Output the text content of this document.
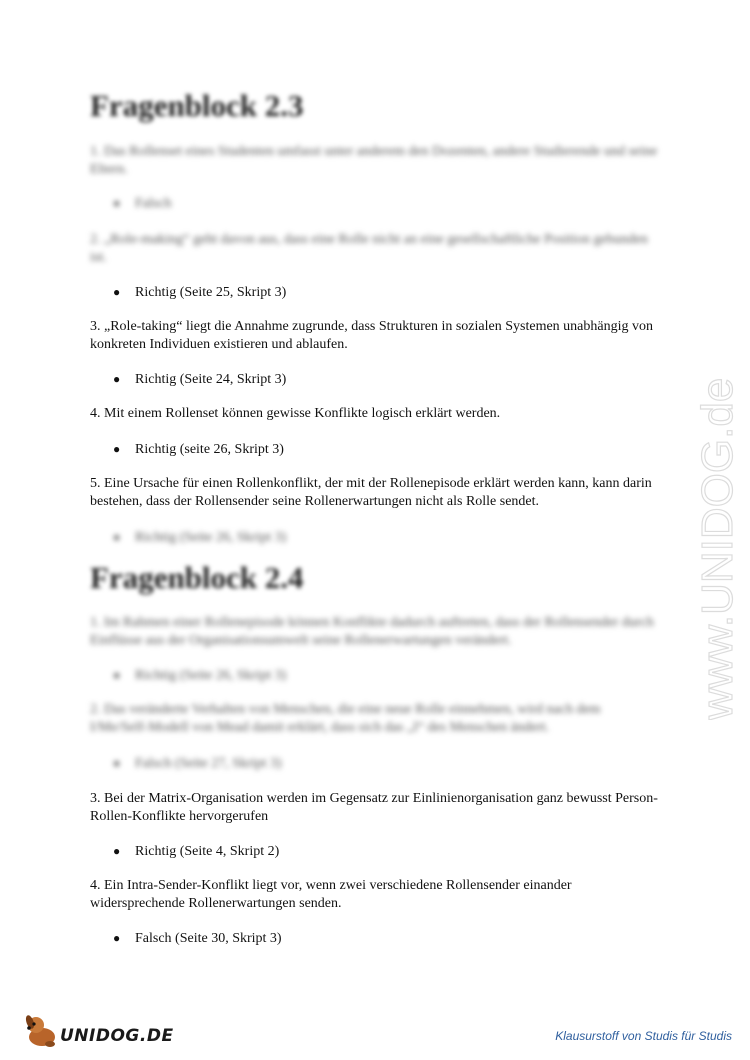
Fragenblock 2.3

1. Das Rollenset eines Studenten umfasst unter anderem den Dozenten, andere Studierende und seine Eltern.

● Falsch

2. „Role-making“ geht davon aus, dass eine Rolle nicht an eine gesellschaftliche Position gebunden ist.

● Richtig (Seite 25, Skript 3)

3. „Role-taking“ liegt die Annahme zugrunde, dass Strukturen in sozialen Systemen unabhängig von konkreten Individuen existieren und ablaufen.

● Richtig (Seite 24, Skript 3)

4. Mit einem Rollenset können gewisse Konflikte logisch erklärt werden.

● Richtig (seite 26, Skript 3)

5. Eine Ursache für einen Rollenkonflikt, der mit der Rollenepisode erklärt werden kann, kann darin bestehen, dass der Rollensender seine Rollenerwartungen nicht als Rolle sendet.

● Richtig (Seite 26, Skript 3)

Fragenblock 2.4

1. Im Rahmen einer Rollenepisode können Konflikte dadurch auftreten, dass der Rollensender durch Einflüsse aus der Organisationsumwelt seine Rollenerwartungen verändert.

● Richtig (Seite 26, Skript 3)

2. Das veränderte Verhalten von Menschen, die eine neue Rolle einnehmen, wird nach dem I/Me/Self-Modell von Mead damit erklärt, dass sich das „I“ des Menschen ändert.

● Falsch (Seite 27, Skript 3)

3. Bei der Matrix-Organisation werden im Gegensatz zur Einlinienorganisation ganz bewusst Person-Rollen-Konflikte hervorgerufen

● Richtig (Seite 4, Skript 2)

4. Ein Intra-Sender-Konflikt liegt vor, wenn zwei verschiedene Rollensender einander widersprechende Rollenerwartungen senden.

● Falsch (Seite 30, Skript 3)

www.UNIDOG.de
UNIDOG.DE	Klausurstoff von Studis für Studis
